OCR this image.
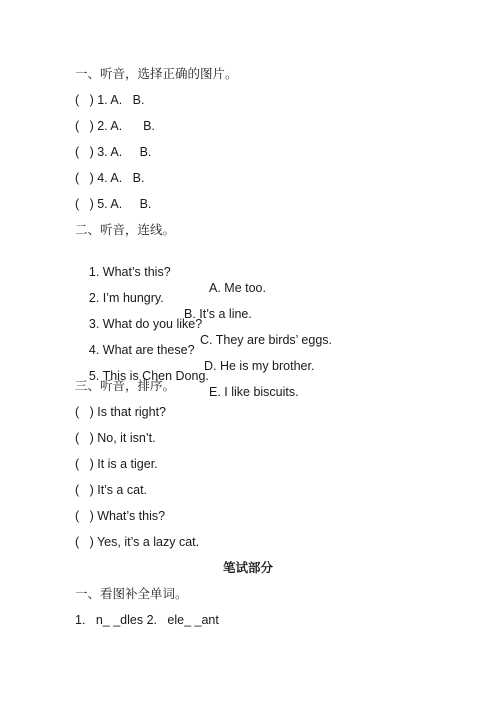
一、听音，选择正确的图片。
(   ) 1. A.   B.
(   ) 2. A.      B.
(   ) 3. A.     B.
(   ) 4. A.   B.
(   ) 5. A.     B.
二、听音，连线。

1. What’s this?

A. Me too.

2. I’m hungry.

B. It’s a line.

3. What do you like?

C. They are birds’ eggs.

4. What are these?

D. He is my brother.

5. This is Chen Dong.

E. I like biscuits.

三、听音，排序。
(   ) Is that right?
(   ) No, it isn’t.
(   ) It is a tiger.
(   ) It’s a cat.
(   ) What’s this?
(   ) Yes, it’s a lazy cat.
笔试部分
一、看图补全单词。
1.   n_ _dles 2.   ele_ _ant
